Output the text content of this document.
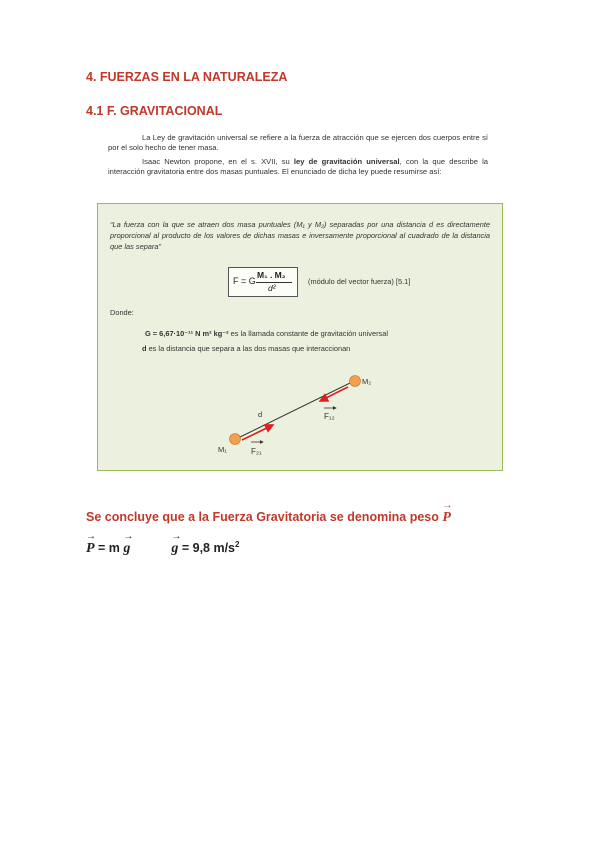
4. FUERZAS EN LA NATURALEZA
4.1 F. GRAVITACIONAL
La Ley de gravitación universal se refiere a la fuerza de atracción que se ejercen dos cuerpos entre sí por el solo hecho de tener masa.
Isaac Newton propone, en el s. XVII, su ley de gravitación universal, con la que describe la interacción gravitatoria entre dos masas puntuales. El enunciado de dicha ley puede resumirse así:
“La fuerza con la que se atraen dos masa puntuales (M₁ y M₂) separadas por una distancia d es directamente proporcional al producto de los valores de dichas masas e inversamente proporcional al cuadrado de la distancia que las separa”
F = G
M₁ . M₂
d²
(módulo del vector fuerza) [5.1]
Donde:
G = 6,67·10⁻¹¹ N m² kg⁻² es la llamada constante de gravitación universal
d es la distancia que separa a las dos masas que interaccionan
d
M₁
M₂
F₁₂
F₂₁
Se concluye que a la Fuerza Gravitatoria se denomina peso → P
→ P = m → g  →	g = 9,8 $m/s^2$
